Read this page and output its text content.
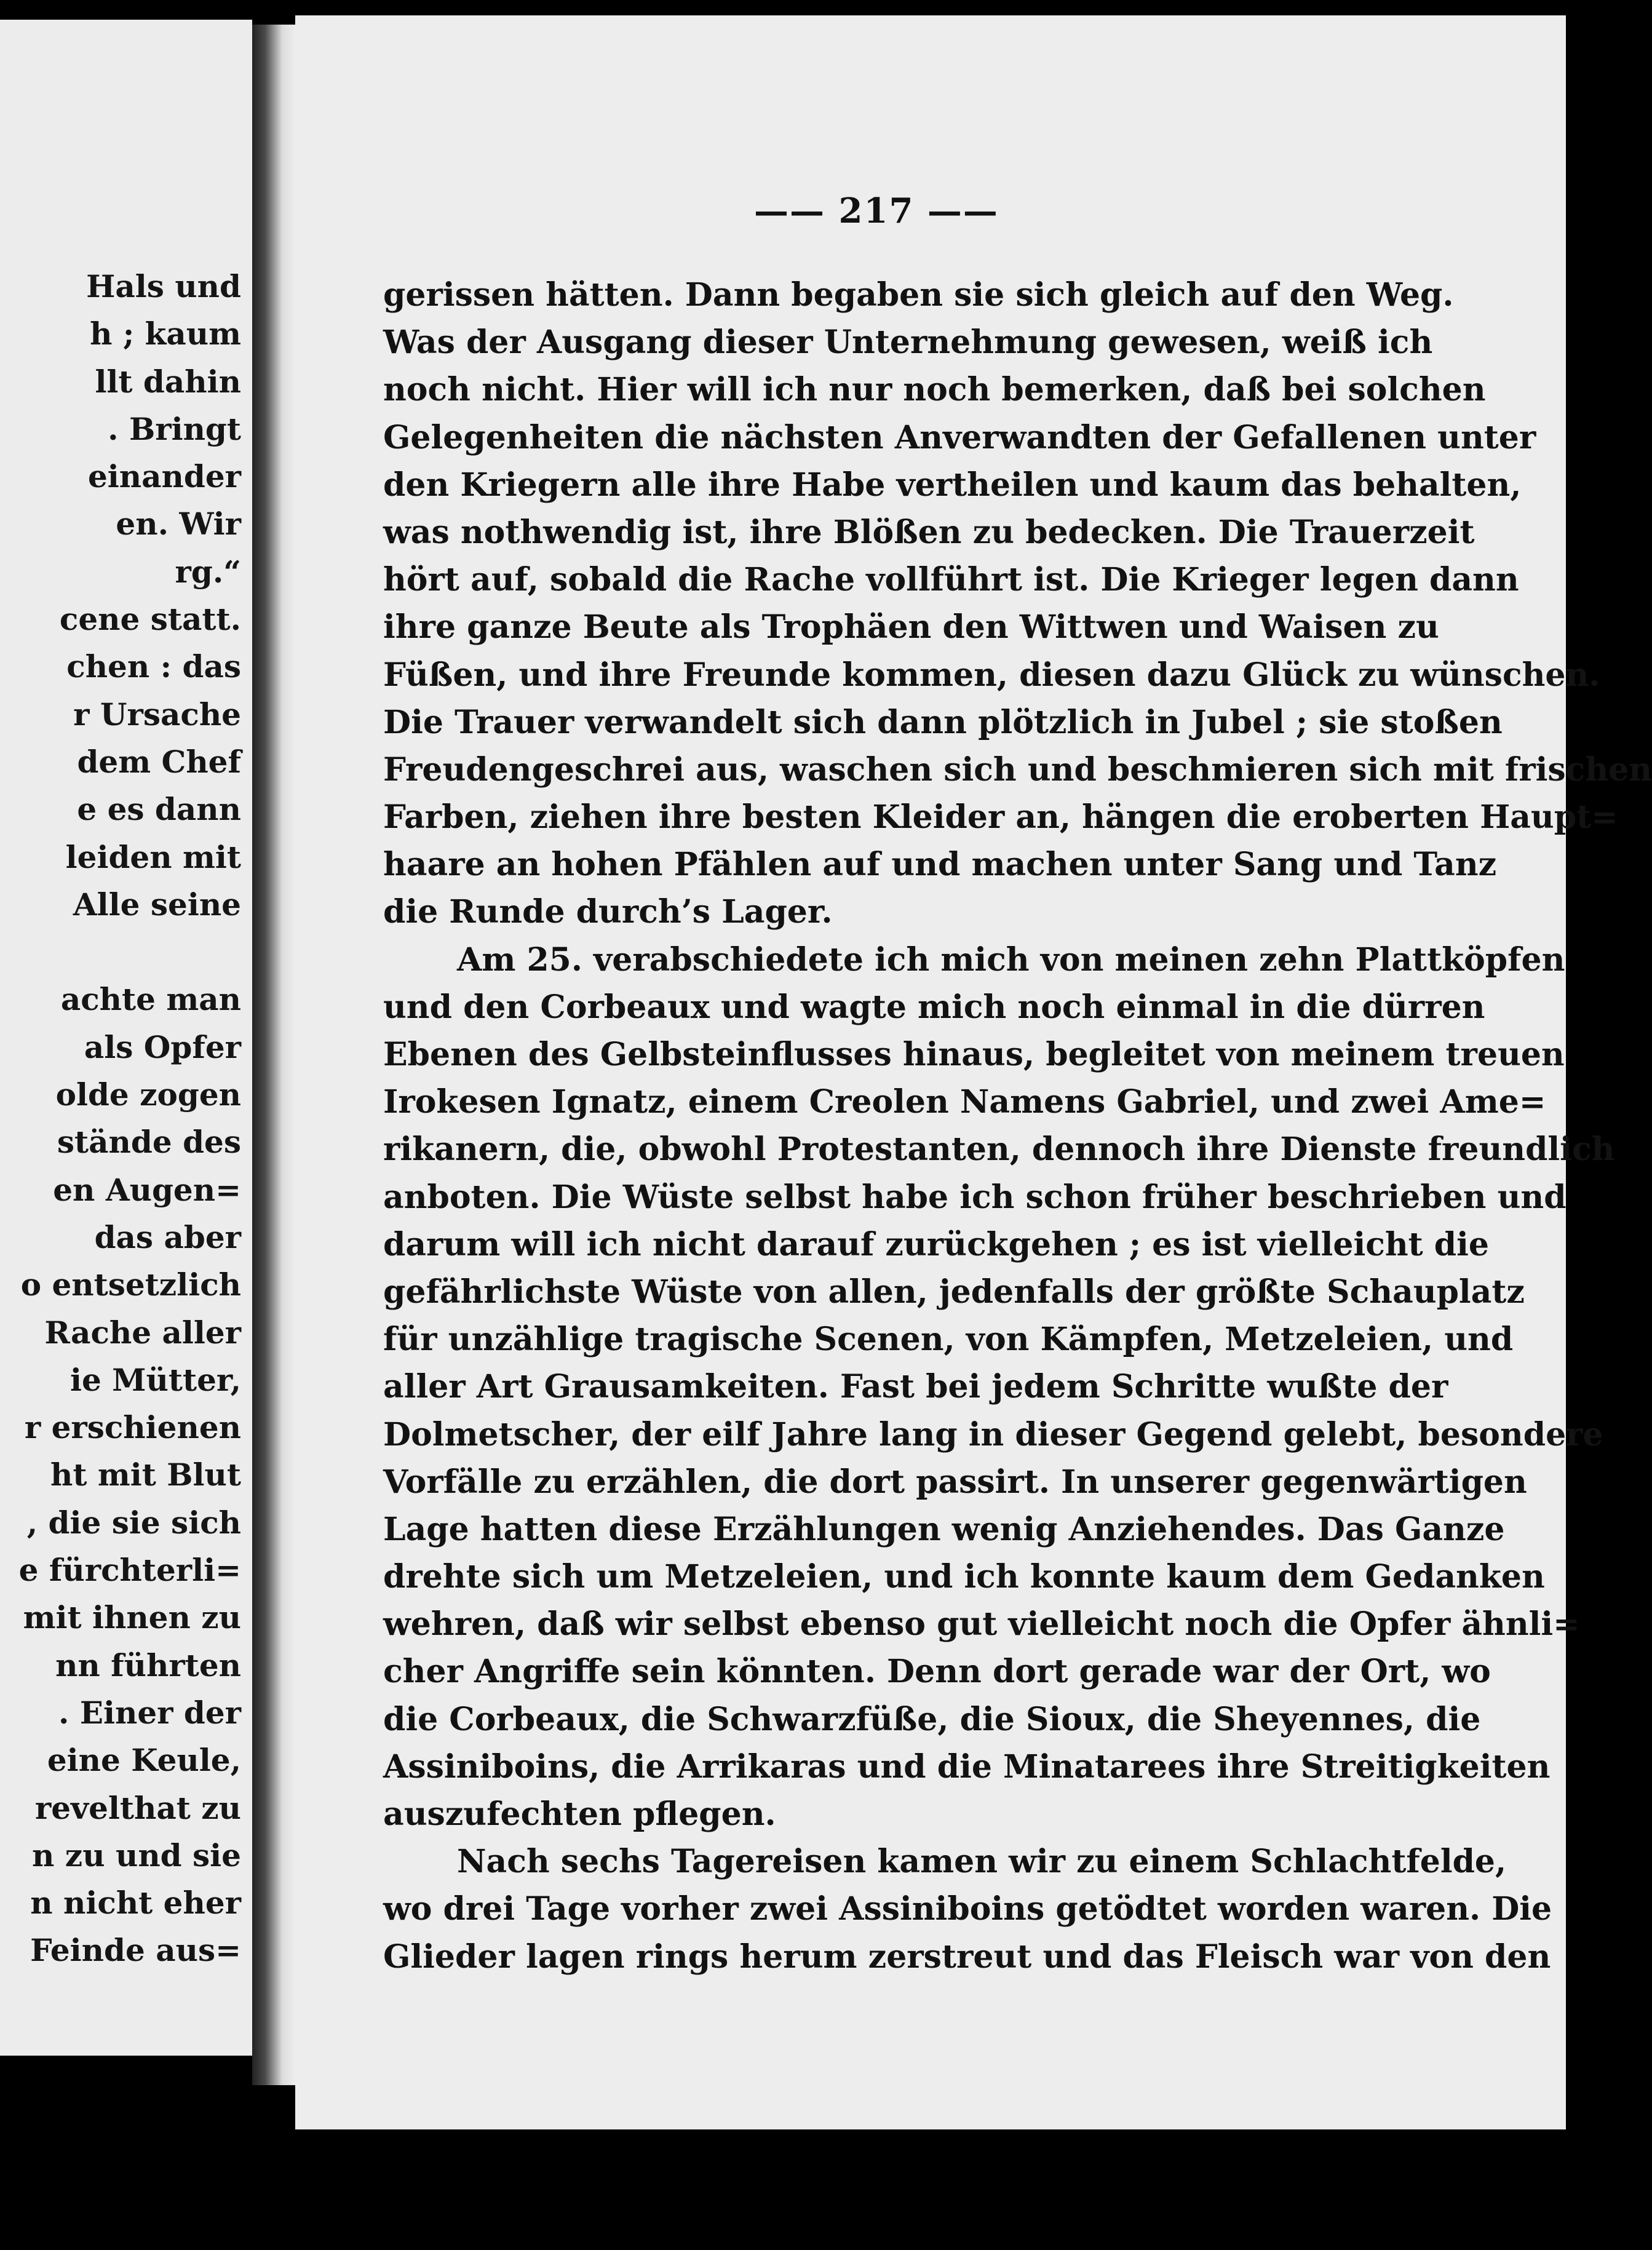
Hals und
h ; kaum
llt dahin
. Bringt
einander
en. Wir
rg.“
cene statt.
chen : das
r Ursache
dem Chef
e es dann
leiden mit
Alle seine
achte man
als Opfer
olde zogen
stände des
en Augen=
das aber
o entsetzlich
Rache aller
ie Mütter,
r erschienen
ht mit Blut
, die sie sich
e fürchterli=
mit ihnen zu
nn führten
. Einer der
eine Keule,
revelthat zu
n zu und sie
n nicht eher
Feinde aus=
—— 217 ——
gerissen hätten. Dann begaben sie sich gleich auf den Weg.
Was der Ausgang dieser Unternehmung gewesen, weiß ich
noch nicht. Hier will ich nur noch bemerken, daß bei solchen
Gelegenheiten die nächsten Anverwandten der Gefallenen unter
den Kriegern alle ihre Habe vertheilen und kaum das behalten,
was nothwendig ist, ihre Blößen zu bedecken. Die Trauerzeit
hört auf, sobald die Rache vollführt ist. Die Krieger legen dann
ihre ganze Beute als Trophäen den Wittwen und Waisen zu
Füßen, und ihre Freunde kommen, diesen dazu Glück zu wünschen.
Die Trauer verwandelt sich dann plötzlich in Jubel ; sie stoßen
Freudengeschrei aus, waschen sich und beschmieren sich mit frischen
Farben, ziehen ihre besten Kleider an, hängen die eroberten Haupt=
haare an hohen Pfählen auf und machen unter Sang und Tanz
die Runde durch’s Lager.
Am 25. verabschiedete ich mich von meinen zehn Plattköpfen
und den Corbeaux und wagte mich noch einmal in die dürren
Ebenen des Gelbsteinflusses hinaus, begleitet von meinem treuen
Irokesen Ignatz, einem Creolen Namens Gabriel, und zwei Ame=
rikanern, die, obwohl Protestanten, dennoch ihre Dienste freundlich
anboten. Die Wüste selbst habe ich schon früher beschrieben und
darum will ich nicht darauf zurückgehen ; es ist vielleicht die
gefährlichste Wüste von allen, jedenfalls der größte Schauplatz
für unzählige tragische Scenen, von Kämpfen, Metzeleien, und
aller Art Grausamkeiten. Fast bei jedem Schritte wußte der
Dolmetscher, der eilf Jahre lang in dieser Gegend gelebt, besondere
Vorfälle zu erzählen, die dort passirt. In unserer gegenwärtigen
Lage hatten diese Erzählungen wenig Anziehendes. Das Ganze
drehte sich um Metzeleien, und ich konnte kaum dem Gedanken
wehren, daß wir selbst ebenso gut vielleicht noch die Opfer ähnli=
cher Angriffe sein könnten. Denn dort gerade war der Ort, wo
die Corbeaux, die Schwarzfüße, die Sioux, die Sheyennes, die
Assiniboins, die Arrikaras und die Minatarees ihre Streitigkeiten
auszufechten pflegen.
Nach sechs Tagereisen kamen wir zu einem Schlachtfelde,
wo drei Tage vorher zwei Assiniboins getödtet worden waren. Die
Glieder lagen rings herum zerstreut und das Fleisch war von den
